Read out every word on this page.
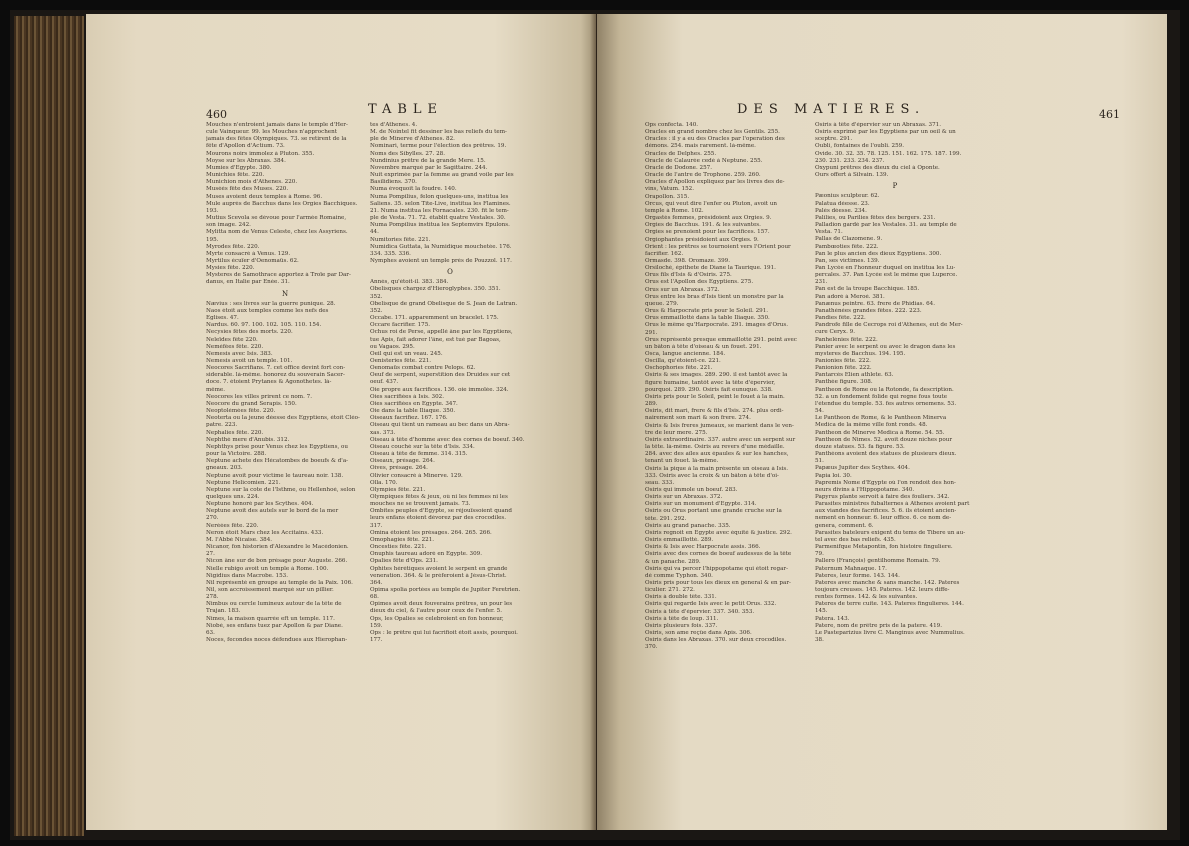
460	TABLE
Mouches n'entroient jamais dans le temple d'Her-
cule Vainqueur. 99. les Mouches n'approchent
jamais des fêtes Olympiques. 73. se retirent de la
fête d'Apollon d'Actium. 73.
Mourons noirs immolez à Pluton. 355.
Moyse sur les Abraxas. 384.
Mumies d'Egypte. 380.
Munichies fête. 220.
Munichion mois d'Athenes. 220.
Muséés fête des Muses. 220.
Muses avoient deux temples à Rome. 96.
Mule auprès de Bacchus dans les Orgies Bacchiques.
193.
Mutius Scevola se dévoue pour l'armée Romaine,
son image. 242.
Mylitta nom de Venus Celeste, chez les Assyriens.
195.
Myrodes fête. 220.
Myrte consacré à Venus. 129.
Myrtilus écuïer d'Oenomaüs. 62.
Mysies fête. 220.
Mysteres de Samothrace apportez à Troïe par Dar-
danus, en Italie par Enée. 31.
N
Nævius : ses livres sur la guerre punique. 28.
Naos étoit aux temples comme les nefs des
Eglises. 47.
Nardus. 60. 97. 100. 102. 105. 110. 154.
Necysies fêtes des morts. 220.
Neleïdes fête 220.
Neméfées fête. 220.
Nemesis avec Isis. 383.
Nemesis avoit un temple. 101.
Neocores Sacrifians. 7. cet office devint fort con-
siderable. là-même. honorez du souverain Sacer-
doce. 7. étoient Prytanes & Agonothetes. là-
même.
Neocores les villes prirent ce nom. 7.
Neocore du grand Serapis. 150.
Neoptolémées fête. 220.
Neoterta ou la jeune déesse des Egyptiens, étoit Cléo-
patre. 223.
Nephalies fête. 220.
Nephthé mere d'Anubis. 312.
Nephthys prise pour Venus chez les Egyptiens, ou
pour la Victoire. 288.
Neptune achete des Hécatombes de boeufs & d'a-
gneaux. 203.
Neptune avoit pour victime le taureau noir. 138.
Neptune Helicomien. 221.
Neptune sur la cote de l'Isthme, ou Hellenhoé, selon
quelques uns. 224.
Neptune honoré par les Scythes. 404.
Neptune avoit des autels sur le bord de la mer
270.
Neréées fête. 220.
Neron étoit Mars chez les Accitains. 433.
M. l'Abbé Nicaise. 384.
Nicanor, fon historien d'Alexandre le Macédonien.
27.
Nicon âne sur de bon présage pour Auguste. 266.
Nielle rubigo avoit un temple à Rome. 100.
Nigidius dans Macrobe. 153.
Nil représenté en groupe au temple de la Paix. 106.
Nil, son accroissement marqué sur un pillier.
278.
Nimbus ou cercle lumineux autour de la tête de
Trajan. 183.
Nimes, la maison quarrée eft un temple. 117.
Niobé, ses enfans tuez par Apollon & par Diane.
63.
Noces, fecondes noces défendues aux Hierophan-
tes d'Athenes. 4.
M. de Nointel fit dessiner les bas reliefs du tem-
ple de Minerve d'Athenes. 82.
Nominari, terme pour l'élection des prêtres. 19.
Noms des Sibylles. 27. 28.
Nundinius prêtre de la grande Mere. 15.
Novembre marqué par le Sagittaire. 244.
Nuit exprimée par la femme au grand voile par les
Basilidiens. 370.
Numa évoquoit la foudre. 140.
Numa Pompilius, felon quelques-uns, institua les
Saliens. 35. selon Tite-Live, institua les Flamines.
21. Numa institua les Fornacales. 230. fit le tem-
ple de Vesta. 71. 72. établit quatre Vestales. 30.
Numa Pompilius institua les Septemvirs Epulons.
44.
Numitories fête. 221.
Numidica Guttata, la Numidique mouchetée. 176.
334. 335. 336.
Nymphes avoient un temple près de Pouzzol. 117.
O
Annés, qu'étoit-il. 383. 384.
Obelisques chargez d'Hieroglyphes. 350. 351.
352.
Obelisque de grand Obelisque de S. Jean de Latran.
352.
Occabe. 171. apparemment un bracelet. 175.
Occare facrifier. 175.
Ochus roi de Perse, appellé âne par les Egyptiens,
tue Apis, fait adorer l'âne, est tué par Bagoas,
ou Vagaos. 295.
Oeil qui est un veau. 245.
Oenisteries fête. 221.
Oenomaüs combat contre Pelops. 62.
Oeuf de serpent, superstition des Druides sur cet
oeuf. 437.
Oie propre aux facrifices. 136. oie immolée. 324.
Oies sacrifiées à Isis. 302.
Oies sacrifiées en Egypte. 347.
Oie dans la table Iliaque. 350.
Oiseaux facrifiez. 167. 176.
Oiseau qui tient un rameau au bec dans un Abra-
xas. 373.
Oiseau à tête d'homme avec des cornes de boeuf. 340.
Oiseau couché sur la tête d'Isis. 334.
Oiseau à tête de femme. 314. 315.
Oiseaux, présage. 264.
Oives, présage. 264.
Olivier consacré à Minerve. 129.
Olla. 170.
Olympies fête. 221.
Olympiques fêtes & jeux, où ni les femmes ni les
mouches ne se trouvent jamais. 73.
Ombites peuples d'Egypte, se réjouïssoient quand
leurs enfans étoient dévorez par des crocodiles.
317.
Omina étoient les présages. 264. 265. 266.
Omophagies fête. 221.
Oncesties fête. 221.
Onuphis taureau adoré en Egypte. 309.
Opalies fête d'Ops. 231.
Ophites hérétiques avoient le serpent en grande
veneration. 364. & le préferoient à Jésus-Christ.
364.
Opima spolia portées au temple de Jupiter Feretrien.
68.
Opimes avoit deux fouverains prêtres, un pour les
dieux du ciel, & l'autre pour ceux de l'enfer. 5.
Ops, les Opalies se celebroient en fon honneur,
159.
Ops : le prêtre qui lui facrifioit étoit assis, pourquoi.
177.
461
DES MATIERES.
Ops confecta. 140.
Oracles en grand nombre chez les Gentils. 255.
Oracles : il y a eu des Oracles par l'operation des
démons. 254. mais rarement. là-même.
Oracles de Delphes. 255.
Oracle de Calaurée cedé à Neptune. 255.
Oracle de Dodone. 257.
Oracle de l'antre de Trophone. 259. 260.
Oracles d'Apollon expliquez par les livres des de-
vins, Vatum. 152.
Orapollon. 315.
Orcus, qui veut dire l'enfer ou Pluton, avoit un
temple à Rome. 102.
Orgastès femmes, présidoient aux Orgies. 9.
Orgies de Bacchus. 191. & les suivantes.
Orgies se prenoient pour les facrifices. 157.
Orgiophantes présidoient aux Orgies. 9.
Orient : les prêtres se tournoient vers l'Orient pour
facrifier. 162.
Ormasde. 398. Oromaze. 399.
Orsiloché, épithete de Diane la Taurique. 191.
Orus fils d'Isis & d'Osiris. 275.
Orus est l'Apollon des Egyptiens. 275.
Orus sur un Abraxas. 372.
Orus entre les bras d'Isis tient un monstre par la
queue. 279.
Orus & Harpocrate pris pour le Soleil. 291.
Orus emmaillotté dans la table Iliaque. 350.
Orus le même qu'Harpocrate. 291. images d'Orus.
291.
Orus représenté presque emmaillotté 291. peint avec
un bâton à tête d'oiseau & un fouet. 291.
Osca, langue ancienne. 184.
Oscilla, qu'étoient-ce. 221.
Oschophories fête. 221.
Osiris & ses images. 289. 290. il est tantôt avec la
figure humaine, tantôt avec la tête d'épervier,
pourquoi. 289. 290. Osiris fait eunuque. 338.
Osiris pris pour le Soleil, peint le fouet à la main.
289.
Osiris, dit mari, frere & fils d'Isis. 274. plus ordi-
nairement son mari & son frere. 274.
Osiris & Isis freres jumeaux, se marient dans le ven-
tre de leur mere. 275.
Osiris extraordinaire. 337. autre avec un serpent sur
la tête. là-même. Osiris au revers d'une médaille.
284. avec des aîles aux épaules & sur les hanches,
tenant un fouet. là-même.
Osiris la pique à la main présente un oiseau à Isis.
333. Osiris avec la croix & un bâton à tête d'oi-
seau. 333.
Osiris qui immole un boeuf. 283.
Osiris sur un Abraxas. 372.
Osiris sur un monument d'Egypte. 314.
Osiris ou Orus portant une grande cruche sur la
tête. 291. 292.
Osiris au grand panache. 335.
Osiris regnoit en Egypte avec équité & justice. 292.
Osiris emmaillotté. 289.
Osiris & Isis avec Harpocrate assis. 366.
Osiris avec des cornes de boeuf audessus de la tête
& un panache. 289.
Osiris qui va percer l'hippopotame qui étoit regar-
dé comme Typhon. 340.
Osiris pris pour tous les dieux en general & en par-
ticulier. 271. 272.
Osiris à double tête. 331.
Osiris qui regarde Isis avec le petit Orus. 332.
Osiris à tête d'épervier. 337. 340. 353.
Osiris à tête de loup. 311.
Osiris plusieurs fois. 337.
Osiris, son ame reçûe dans Apis. 306.
Osiris dans les Abraxas. 370. sur deux crocodiles.
370.
Osiris à tête d'épervier sur un Abraxas. 371.
Osiris exprimé par les Egyptiens par un oeil & un
sceptre. 291.
Oubli, fontaines de l'oubli. 259.
Ovide. 30. 32. 35. 78. 125. 151. 162. 175. 187. 199.
230. 231. 233. 234. 237.
Oxypuni prêtres des dieux du ciel à Oponte.
Ours offert à Silvain. 139.
P
Pæonius sculpteur. 62.
Palatua déesse. 23.
Palès déesse. 234.
Palilies, ou Parilies fêtes des bergers. 231.
Palladion gardé par les Vestales. 31. au temple de
Vesta. 71.
Pallas de Clazomene. 9.
Pambœoties fête. 222.
Pan le plus ancien des dieux Egyptiens. 300.
Pan, ses victimes. 139.
Pan Lycée en l'honneur duquel on institua les Lu-
percales. 37. Pan Lycée est le même que Luperce.
231.
Pan est de la troupe Bacchique. 185.
Pan adoré à Meroé. 381.
Panænus peintre. 63. frere de Phidias. 64.
Panathénées grandes fêtes. 222. 223.
Pandies fête. 222.
Pandrofe fille de Cecrops roi d'Athenes, eut de Mer-
cure Ceryx. 9.
Panhelénies fête. 222.
Panier avec le serpent ou avec le dragon dans les
mysteres de Bacchus. 194. 195.
Panionies fête. 222.
Panionion fête. 222.
Pantarcès Elien athlete. 63.
Panthée figure. 308.
Pantheon de Rome ou la Rotonde, fa description.
52. a un fondement folide qui regne fous toute
l'étendue du temple. 53. fes autres ornemens. 53.
54.
Le Pantheon de Rome, & le Pantheon Minerva
Medica de la même ville font ronds. 48.
Pantheon de Minerve Medica à Rome. 54. 55.
Pantheon de Nimes. 52. avoit douze niches pour
douze statues. 53. fa figure. 53.
Panthéons avoient des statues de plusieurs dieux.
51.
Papæus Jupiter des Scythes. 404.
Papia loi. 30.
Papremis Nome d'Egypte où l'on rendoit des hon-
neurs divins à l'Hippopotame. 340.
Papyrus plante servoit à faire des fouliers. 342.
Parasites ministres fubalternes à Athenes avoient part
aux viandes des facrifices. 5. 6. ils étoient ancien-
nement en honneur. 6. leur office. 6. ce nom de-
genera, comment. 6.
Parasites bateleurs exigent du tems de Tibere un au-
tel avec des bas reliefs. 435.
Parmenifque Metapontin, fon histoire finguliere.
79.
Pallero (François) gentilhomme Romain. 79.
Paternum Mahnaque. 17.
Pateres, leur forme. 143. 144.
Pateres avec manche & sans manche. 142. Pateres
toujours creuses. 145. Pateres. 142. leurs diffe-
rentes formes. 142. & les suivantes.
Pateres de terre cuite. 143. Pateres fingulieres. 144.
145.
Patera. 143.
Patere, nom de prêtre pris de la patere. 419.
Le Pasteparizius livre C. Manginus avec Nummulius.
38.
